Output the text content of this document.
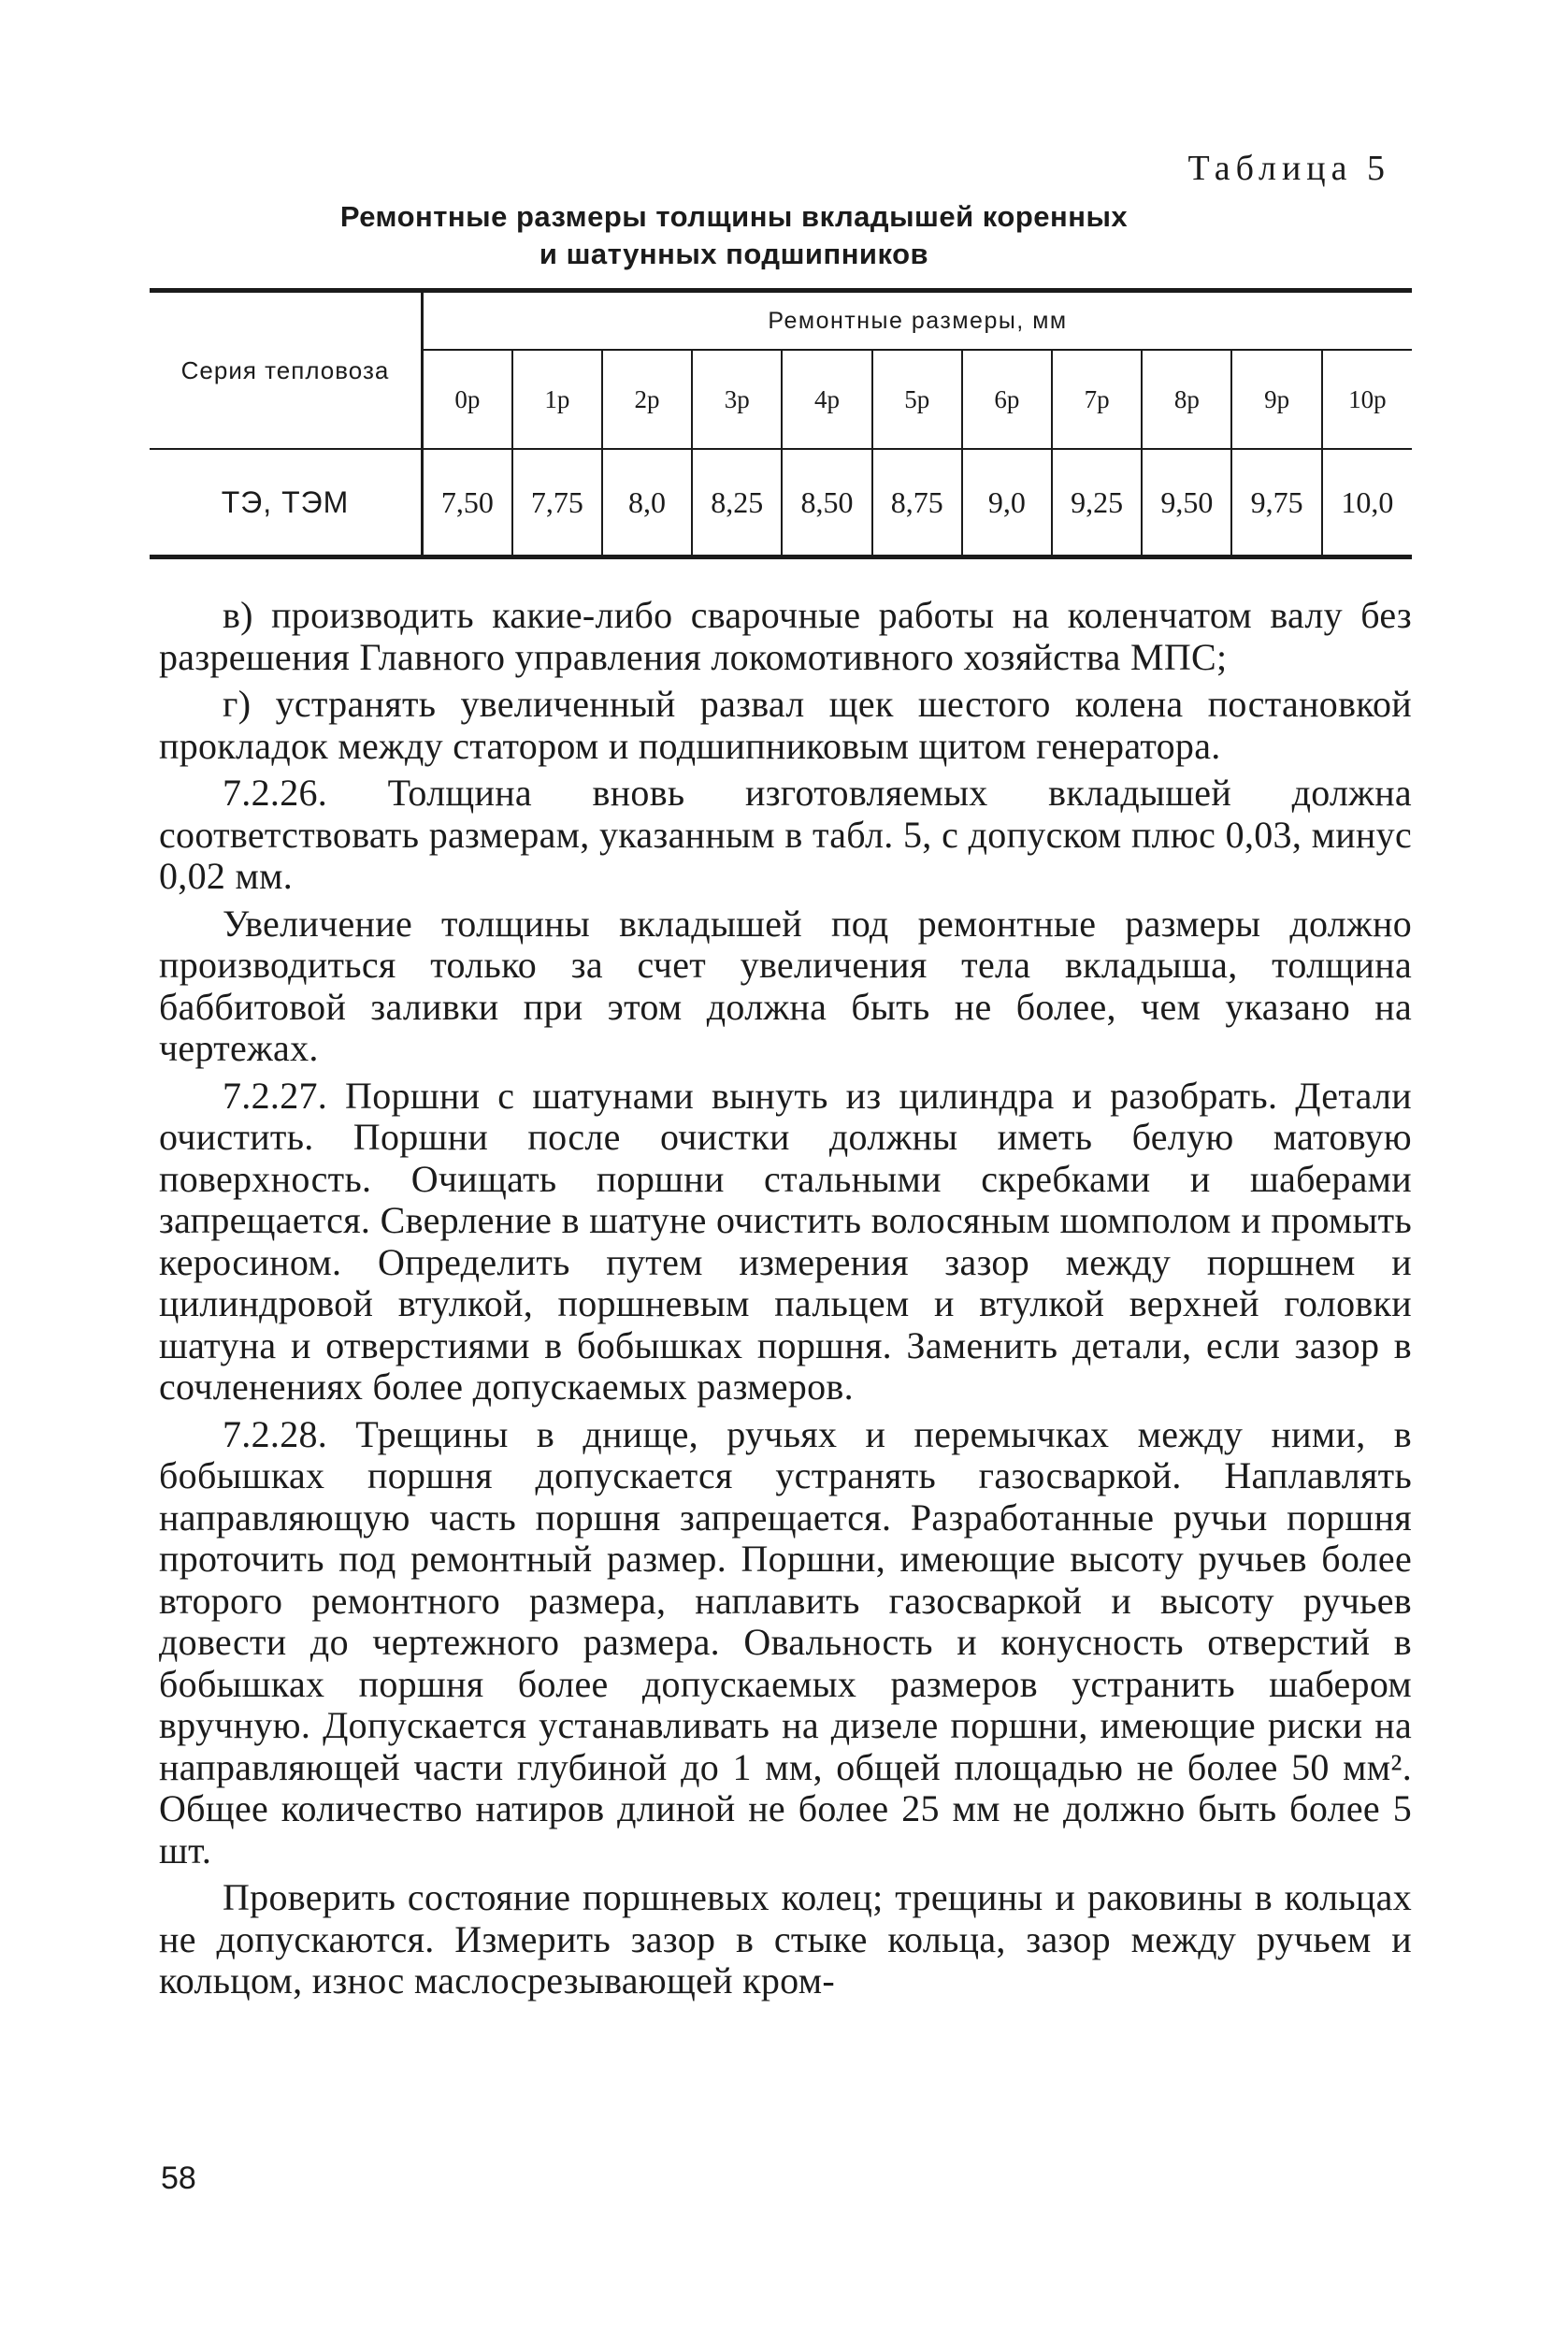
Таблица 5
Ремонтные размеры толщины вкладышей коренных
и шатунных подшипников
Серия тепловоза	Ремонтные размеры, мм										
	0р	1р	2р	3р	4р	5р	6р	7р	8р	9р	10р
ТЭ, ТЭМ	7,50	7,75	8,0	8,25	8,50	8,75	9,0	9,25	9,50	9,75	10,0

в) производить какие-либо сварочные работы на коленчатом валу без разрешения Главного управления локомотивного хозяйства МПС;

г) устранять увеличенный развал щек шестого колена постановкой прокладок между статором и подшипниковым щитом генератора.

7.2.26. Толщина вновь изготовляемых вкладышей должна соответствовать размерам, указанным в табл. 5, с допуском плюс 0,03, минус 0,02 мм.

Увеличение толщины вкладышей под ремонтные размеры должно производиться только за счет увеличения тела вкладыша, толщина баббитовой заливки при этом должна быть не более, чем указано на чертежах.

7.2.27. Поршни с шатунами вынуть из цилиндра и разобрать. Детали очистить. Поршни после очистки должны иметь белую матовую поверхность. Очищать поршни стальными скребками и шаберами запрещается. Сверление в шатуне очистить волосяным шомполом и промыть керосином. Определить путем измерения зазор между поршнем и цилиндровой втулкой, поршневым пальцем и втулкой верхней головки шатуна и отверстиями в бобышках поршня. Заменить детали, если зазор в сочленениях более допускаемых размеров.

7.2.28. Трещины в днище, ручьях и перемычках между ними, в бобышках поршня допускается устранять газосваркой. Наплавлять направляющую часть поршня запрещается. Разработанные ручьи поршня проточить под ремонтный размер. Поршни, имеющие высоту ручьев более второго ремонтного размера, наплавить газосваркой и высоту ручьев довести до чертежного размера. Овальность и конусность отверстий в бобышках поршня более допускаемых размеров устранить шабером вручную. Допускается устанавливать на дизеле поршни, имеющие риски на направляющей части глубиной до 1 мм, общей площадью не более 50 мм². Общее количество натиров длиной не более 25 мм не должно быть более 5 шт.

Проверить состояние поршневых колец; трещины и раковины в кольцах не допускаются. Измерить зазор в стыке кольца, зазор между ручьем и кольцом, износ маслосрезывающей кром-

58
